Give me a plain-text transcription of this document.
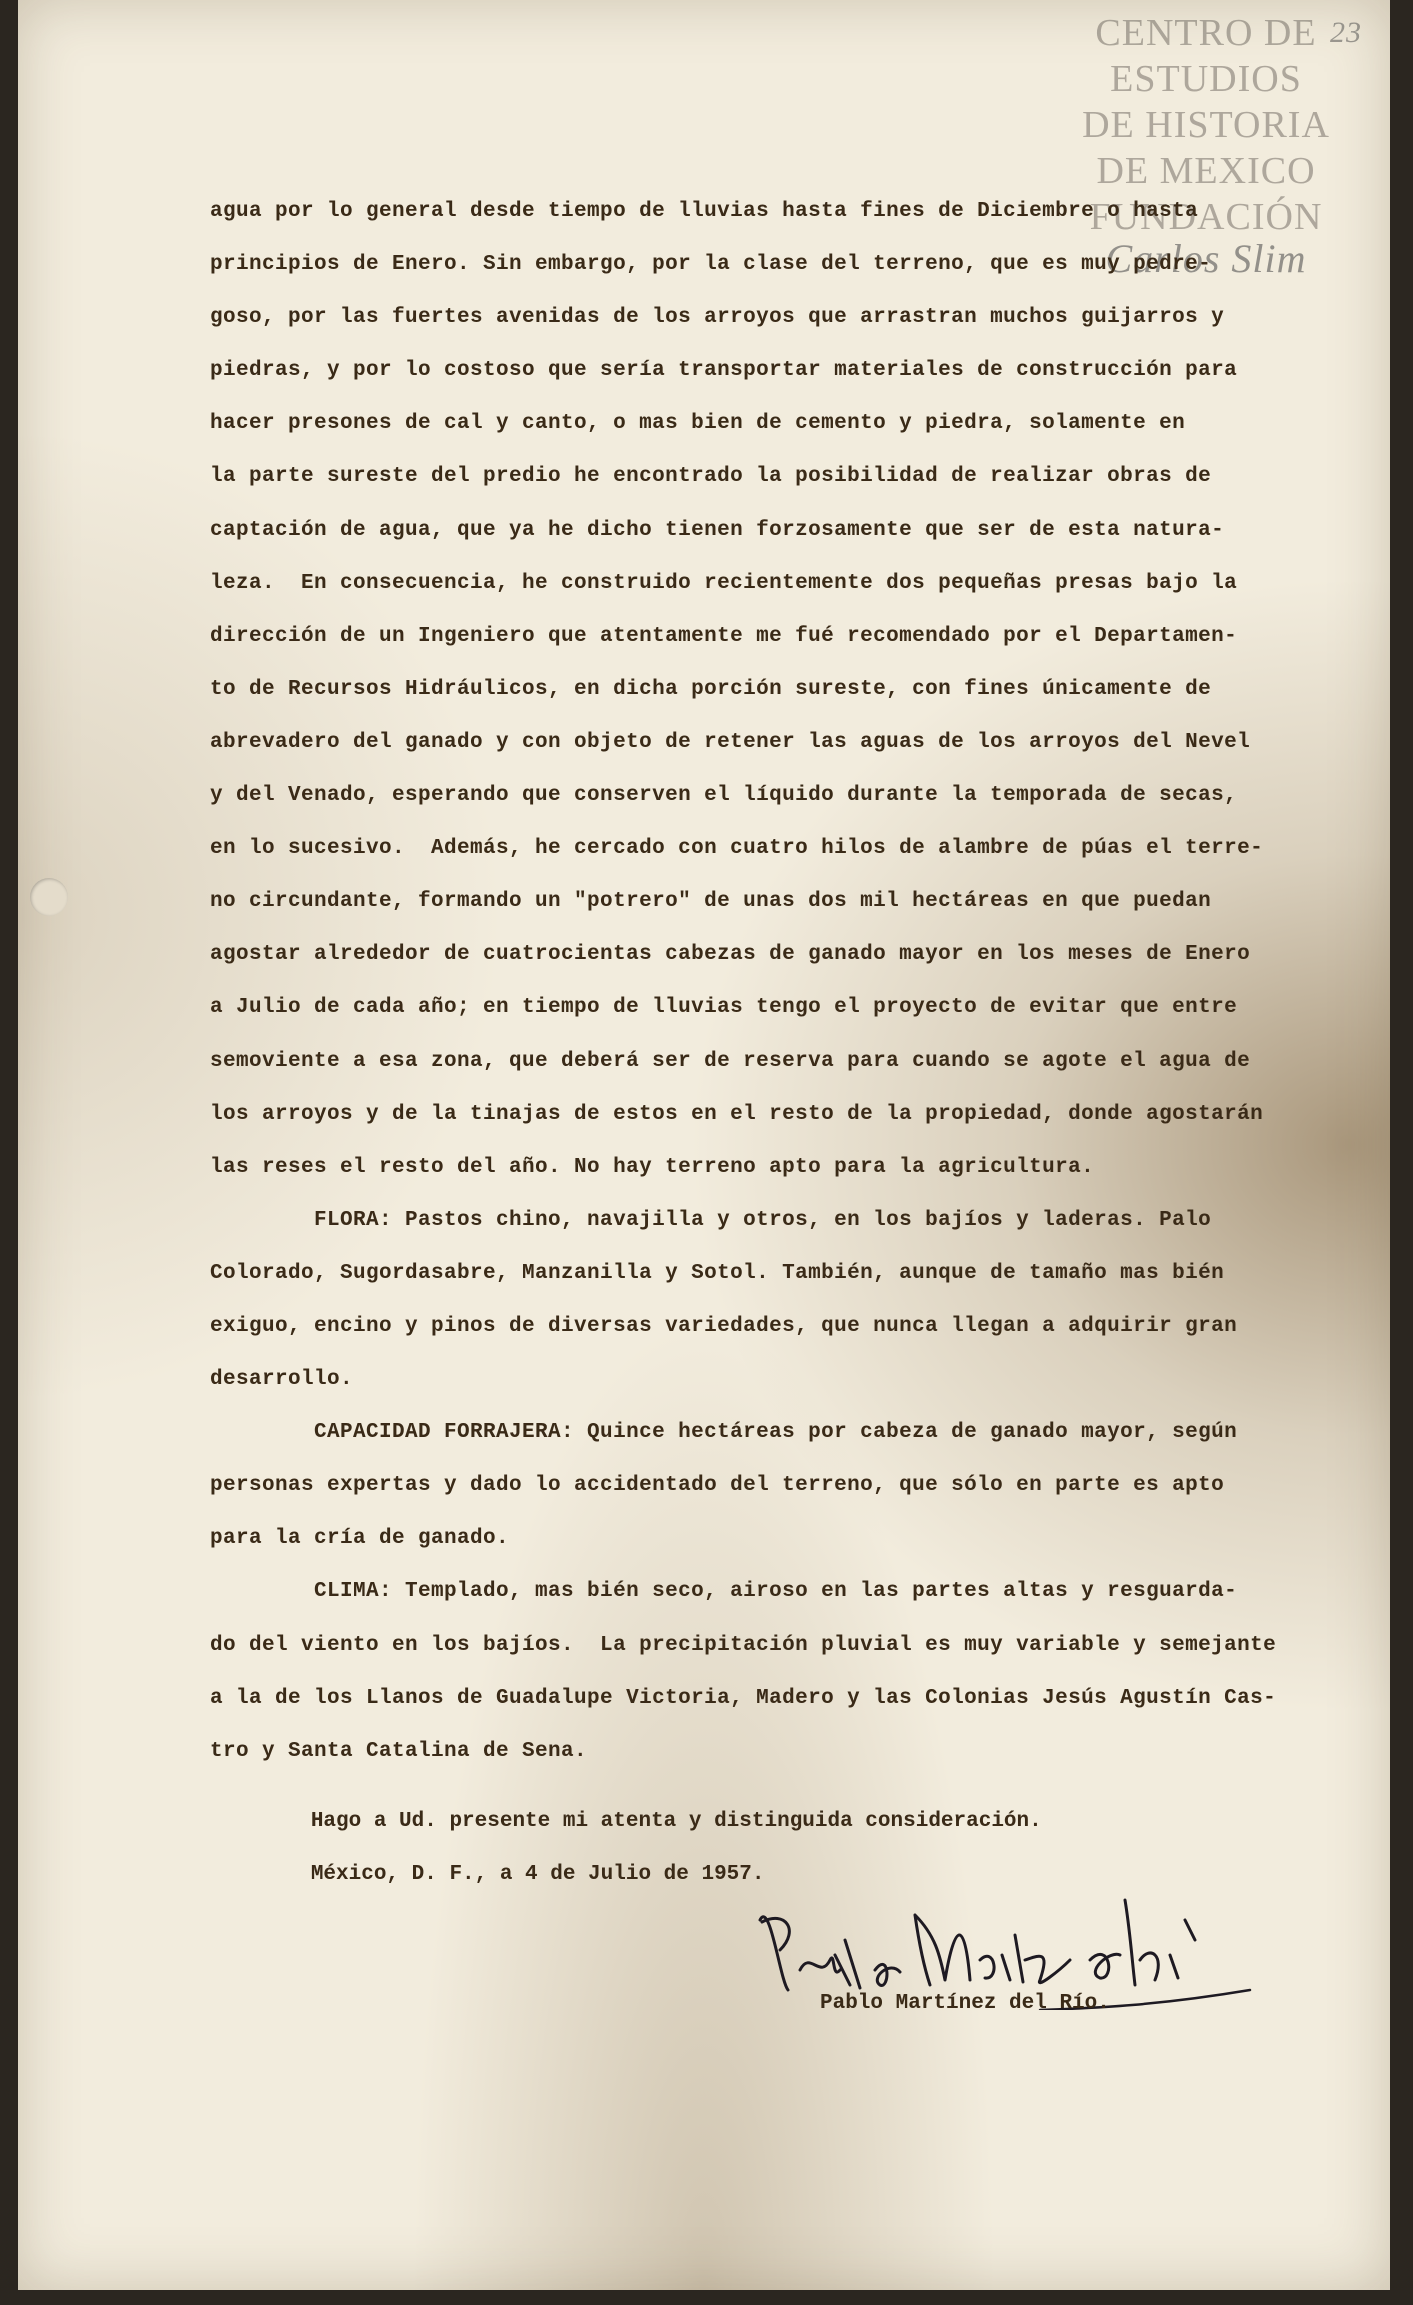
23
CENTRO DE
ESTUDIOS
DE HISTORIA
DE MEXICO
FUNDACIÓN
Carlos Slim
agua por lo general desde tiempo de lluvias hasta fines de Diciembre o hasta
principios de Enero. Sin embargo, por la clase del terreno, que es muy pedre-
goso, por las fuertes avenidas de los arroyos que arrastran muchos guijarros y
piedras, y por lo costoso que sería transportar materiales de construcción para
hacer presones de cal y canto, o mas bien de cemento y piedra, solamente en
la parte sureste del predio he encontrado la posibilidad de realizar obras de
captación de agua, que ya he dicho tienen forzosamente que ser de esta natura-
leza.  En consecuencia, he construido recientemente dos pequeñas presas bajo la
dirección de un Ingeniero que atentamente me fué recomendado por el Departamen-
to de Recursos Hidráulicos, en dicha porción sureste, con fines únicamente de
abrevadero del ganado y con objeto de retener las aguas de los arroyos del Nevel
y del Venado, esperando que conserven el líquido durante la temporada de secas,
en lo sucesivo.  Además, he cercado con cuatro hilos de alambre de púas el terre-
no circundante, formando un "potrero" de unas dos mil hectáreas en que puedan
agostar alrededor de cuatrocientas cabezas de ganado mayor en los meses de Enero
a Julio de cada año; en tiempo de lluvias tengo el proyecto de evitar que entre
semoviente a esa zona, que deberá ser de reserva para cuando se agote el agua de
los arroyos y de la tinajas de estos en el resto de la propiedad, donde agostarán
las reses el resto del año. No hay terreno apto para la agricultura.
FLORA: Pastos chino, navajilla y otros, en los bajíos y laderas. Palo
Colorado, Sugordasabre, Manzanilla y Sotol. También, aunque de tamaño mas bién
exiguo, encino y pinos de diversas variedades, que nunca llegan a adquirir gran
desarrollo.
CAPACIDAD FORRAJERA: Quince hectáreas por cabeza de ganado mayor, según
personas expertas y dado lo accidentado del terreno, que sólo en parte es apto
para la cría de ganado.
CLIMA: Templado, mas bién seco, airoso en las partes altas y resguarda-
do del viento en los bajíos.  La precipitación pluvial es muy variable y semejante
a la de los Llanos de Guadalupe Victoria, Madero y las Colonias Jesús Agustín Cas-
tro y Santa Catalina de Sena.
Hago a Ud. presente mi atenta y distinguida consideración.
México, D. F., a 4 de Julio de 1957.
Pablo Martínez del Río.
